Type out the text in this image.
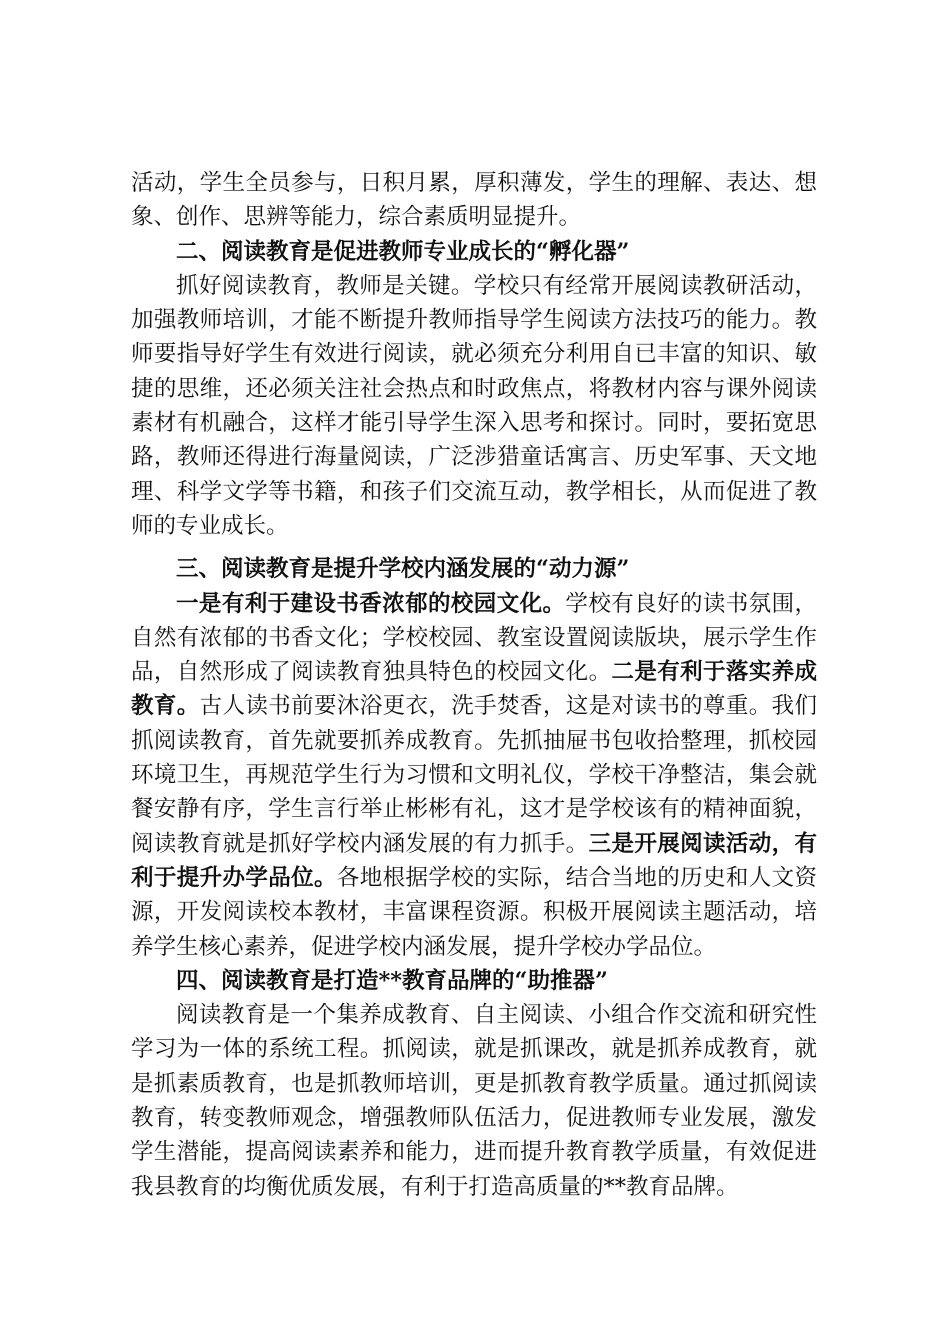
活动，学生全员参与，日积月累，厚积薄发，学生的理解、表达、想象、创作、思辨等能力，综合素质明显提升。

二、阅读教育是促进教师专业成长的“孵化器”

抓好阅读教育，教师是关键。学校只有经常开展阅读教研活动，加强教师培训，才能不断提升教师指导学生阅读方法技巧的能力。教师要指导好学生有效进行阅读，就必须充分利用自已丰富的知识、敏捷的思维，还必须关注社会热点和时政焦点，将教材内容与课外阅读素材有机融合，这样才能引导学生深入思考和探讨。同时，要拓宽思路，教师还得进行海量阅读，广泛涉猎童话寓言、历史军事、天文地理、科学文学等书籍，和孩子们交流互动，教学相长，从而促进了教师的专业成长。

三、阅读教育是提升学校内涵发展的“动力源”

一是有利于建设书香浓郁的校园文化。学校有良好的读书氛围，自然有浓郁的书香文化；学校校园、教室设置阅读版块，展示学生作品，自然形成了阅读教育独具特色的校园文化。二是有利于落实养成教育。古人读书前要沐浴更衣，洗手焚香，这是对读书的尊重。我们抓阅读教育，首先就要抓养成教育。先抓抽屉书包收拾整理，抓校园环境卫生，再规范学生行为习惯和文明礼仪，学校干净整洁，集会就餐安静有序，学生言行举止彬彬有礼，这才是学校该有的精神面貌，阅读教育就是抓好学校内涵发展的有力抓手。三是开展阅读活动，有利于提升办学品位。各地根据学校的实际，结合当地的历史和人文资源，开发阅读校本教材，丰富课程资源。积极开展阅读主题活动，培养学生核心素养，促进学校内涵发展，提升学校办学品位。

四、阅读教育是打造**教育品牌的“助推器”

阅读教育是一个集养成教育、自主阅读、小组合作交流和研究性学习为一体的系统工程。抓阅读，就是抓课改，就是抓养成教育，就是抓素质教育，也是抓教师培训，更是抓教育教学质量。通过抓阅读教育，转变教师观念，增强教师队伍活力，促进教师专业发展，激发学生潜能，提高阅读素养和能力，进而提升教育教学质量，有效促进我县教育的均衡优质发展，有利于打造高质量的**教育品牌。
